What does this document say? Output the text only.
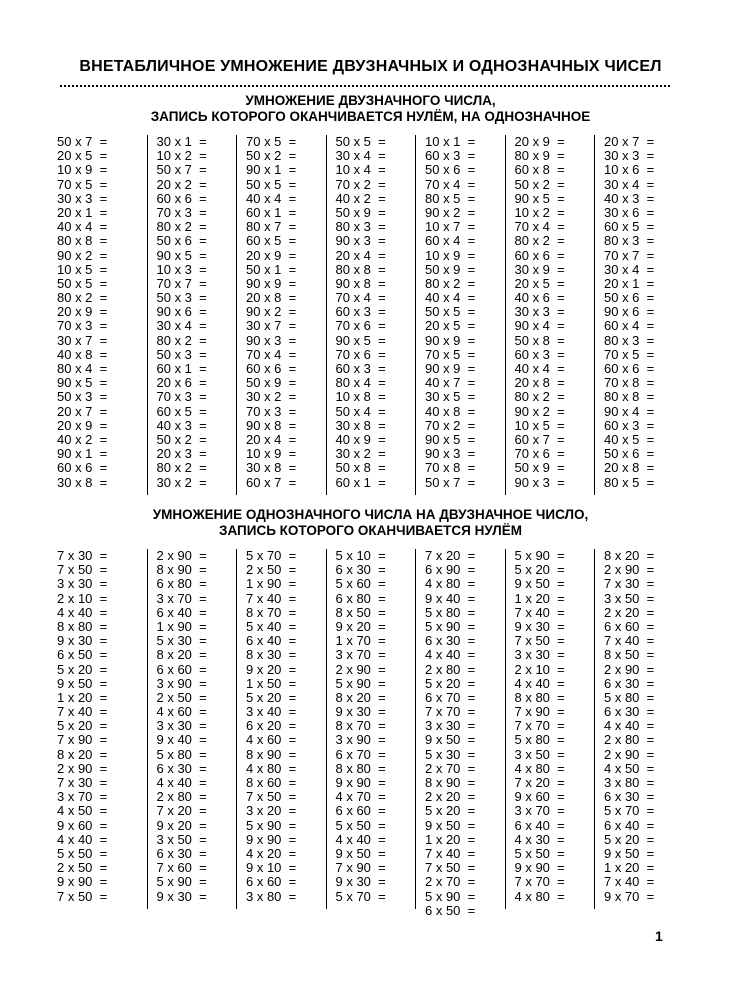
ВНЕТАБЛИЧНОЕ УМНОЖЕНИЕ ДВУЗНАЧНЫХ И ОДНОЗНАЧНЫХ ЧИСЕЛ
УМНОЖЕНИЕ ДВУЗНАЧНОГО ЧИСЛА,
ЗАПИСЬ КОТОРОГО ОКАНЧИВАЕТСЯ НУЛЁМ, НА ОДНОЗНАЧНОЕ
50 x 7  =
20 x 5  =
10 x 9  =
70 x 5  =
30 x 3  =
20 x 1  =
40 x 4  =
80 x 8  =
90 x 2  =
10 x 5  =
50 x 5  =
80 x 2  =
20 x 9  =
70 x 3  =
30 x 7  =
40 x 8  =
80 x 4  =
90 x 5  =
50 x 3  =
20 x 7  =
20 x 9  =
40 x 2  =
90 x 1  =
60 x 6  =
30 x 8  =
30 x 1  =
10 x 2  =
50 x 7  =
20 x 2  =
60 x 6  =
70 x 3  =
80 x 2  =
50 x 6  =
90 x 5  =
10 x 3  =
70 x 7  =
50 x 3  =
90 x 6  =
30 x 4  =
80 x 2  =
50 x 3  =
60 x 1  =
20 x 6  =
70 x 3  =
60 x 5  =
40 x 3  =
50 x 2  =
20 x 3  =
80 x 2  =
30 x 2  =
70 x 5  =
50 x 2  =
90 x 1  =
50 x 5  =
40 x 4  =
60 x 1  =
80 x 7  =
60 x 5  =
20 x 9  =
50 x 1  =
90 x 9  =
20 x 8  =
90 x 2  =
30 x 7  =
90 x 3  =
70 x 4  =
60 x 6  =
50 x 9  =
30 x 2  =
70 x 3  =
90 x 8  =
20 x 4  =
10 x 9  =
30 x 8  =
60 x 7  =
50 x 5  =
30 x 4  =
10 x 4  =
70 x 2  =
40 x 2  =
50 x 9  =
80 x 3  =
90 x 3  =
20 x 4  =
80 x 8  =
90 x 8  =
70 x 4  =
60 x 3  =
70 x 6  =
90 x 5  =
70 x 6  =
60 x 3  =
80 x 4  =
10 x 8  =
50 x 4  =
30 x 8  =
40 x 9  =
30 x 2  =
50 x 8  =
60 x 1  =
10 x 1  =
60 x 3  =
50 x 6  =
70 x 4  =
80 x 5  =
90 x 2  =
10 x 7  =
60 x 4  =
10 x 9  =
50 x 9  =
80 x 2  =
40 x 4  =
50 x 5  =
20 x 5  =
90 x 9  =
70 x 5  =
90 x 9  =
40 x 7  =
30 x 5  =
40 x 8  =
70 x 2  =
90 x 5  =
90 x 3  =
70 x 8  =
50 x 7  =
20 x 9  =
80 x 9  =
60 x 8  =
50 x 2  =
90 x 5  =
10 x 2  =
70 x 4  =
80 x 2  =
60 x 6  =
30 x 9  =
20 x 5  =
40 x 6  =
30 x 3  =
90 x 4  =
50 x 8  =
60 x 3  =
40 x 4  =
20 x 8  =
80 x 2  =
90 x 2  =
10 x 5  =
60 x 7  =
70 x 6  =
50 x 9  =
90 x 3  =
20 x 7  =
30 x 3  =
10 x 6  =
30 x 4  =
40 x 3  =
30 x 6  =
60 x 5  =
80 x 3  =
70 x 7  =
30 x 4  =
20 x 1  =
50 x 6  =
90 x 6  =
60 x 4  =
80 x 3  =
70 x 5  =
60 x 6  =
70 x 8  =
80 x 8  =
90 x 4  =
60 x 3  =
40 x 5  =
50 x 6  =
20 x 8  =
80 x 5  =
УМНОЖЕНИЕ ОДНОЗНАЧНОГО ЧИСЛА НА ДВУЗНАЧНОЕ ЧИСЛО,
ЗАПИСЬ КОТОРОГО ОКАНЧИВАЕТСЯ НУЛЁМ
7 x 30  =
7 x 50  =
3 x 30  =
2 x 10  =
4 x 40  =
8 x 80  =
9 x 30  =
6 x 50  =
5 x 20  =
9 x 50  =
1 x 20  =
7 x 40  =
5 x 20  =
7 x 90  =
8 x 20  =
2 x 90  =
7 x 30  =
3 x 70  =
4 x 50  =
9 x 60  =
4 x 40  =
5 x 50  =
2 x 50  =
9 x 90  =
7 x 50  =
2 x 90  =
8 x 90  =
6 x 80  =
3 x 70  =
6 x 40  =
1 x 90  =
5 x 30  =
8 x 20  =
6 x 60  =
3 x 90  =
2 x 50  =
4 x 60  =
3 x 30  =
9 x 40  =
5 x 80  =
6 x 30  =
4 x 40  =
2 x 80  =
7 x 20  =
9 x 20  =
3 x 50  =
6 x 30  =
7 x 60  =
5 x 90  =
9 x 30  =
5 x 70  =
2 x 50  =
1 x 90  =
7 x 40  =
8 x 70  =
5 x 40  =
6 x 40  =
8 x 30  =
9 x 20  =
1 x 50  =
5 x 20  =
3 x 40  =
6 x 20  =
4 x 60  =
8 x 90  =
4 x 80  =
8 x 60  =
7 x 50  =
3 x 20  =
5 x 90  =
9 x 90  =
4 x 20  =
9 x 10  =
6 x 60  =
3 x 80  =
5 x 10  =
6 x 30  =
5 x 60  =
6 x 80  =
8 x 50  =
9 x 20  =
1 x 70  =
3 x 70  =
2 x 90  =
5 x 90  =
8 x 20  =
9 x 30  =
8 x 70  =
3 x 90  =
6 x 70  =
8 x 80  =
9 x 90  =
4 x 70  =
6 x 60  =
5 x 50  =
4 x 40  =
9 x 50  =
7 x 90  =
9 x 30  =
5 x 70  =
7 x 20  =
6 x 90  =
4 x 80  =
9 x 40  =
5 x 80  =
5 x 90  =
6 x 30  =
4 x 40  =
2 x 80  =
5 x 20  =
6 x 70  =
7 x 70  =
3 x 30  =
9 x 50  =
5 x 30  =
2 x 70  =
8 x 90  =
2 x 20  =
5 x 20  =
9 x 50  =
1 x 20  =
7 x 40  =
7 x 50  =
2 x 70  =
5 x 90  =
6 x 50  =
5 x 90  =
5 x 20  =
9 x 50  =
1 x 20  =
7 x 40  =
9 x 30  =
7 x 50  =
3 x 30  =
2 x 10  =
4 x 40  =
8 x 80  =
7 x 90  =
7 x 70  =
5 x 80  =
3 x 50  =
4 x 80  =
7 x 20  =
9 x 60  =
3 x 70  =
6 x 40  =
4 x 30  =
5 x 50  =
9 x 90  =
7 x 70  =
4 x 80  =
8 x 20  =
2 x 90  =
7 x 30  =
3 x 50  =
2 x 20  =
6 x 60  =
7 x 40  =
8 x 50  =
2 x 90  =
6 x 30  =
5 x 80  =
6 x 30  =
4 x 40  =
2 x 80  =
2 x 90  =
4 x 50  =
3 x 80  =
6 x 30  =
5 x 70  =
6 x 40  =
5 x 20  =
9 x 50  =
1 x 20  =
7 x 40  =
9 x 70  =
1
